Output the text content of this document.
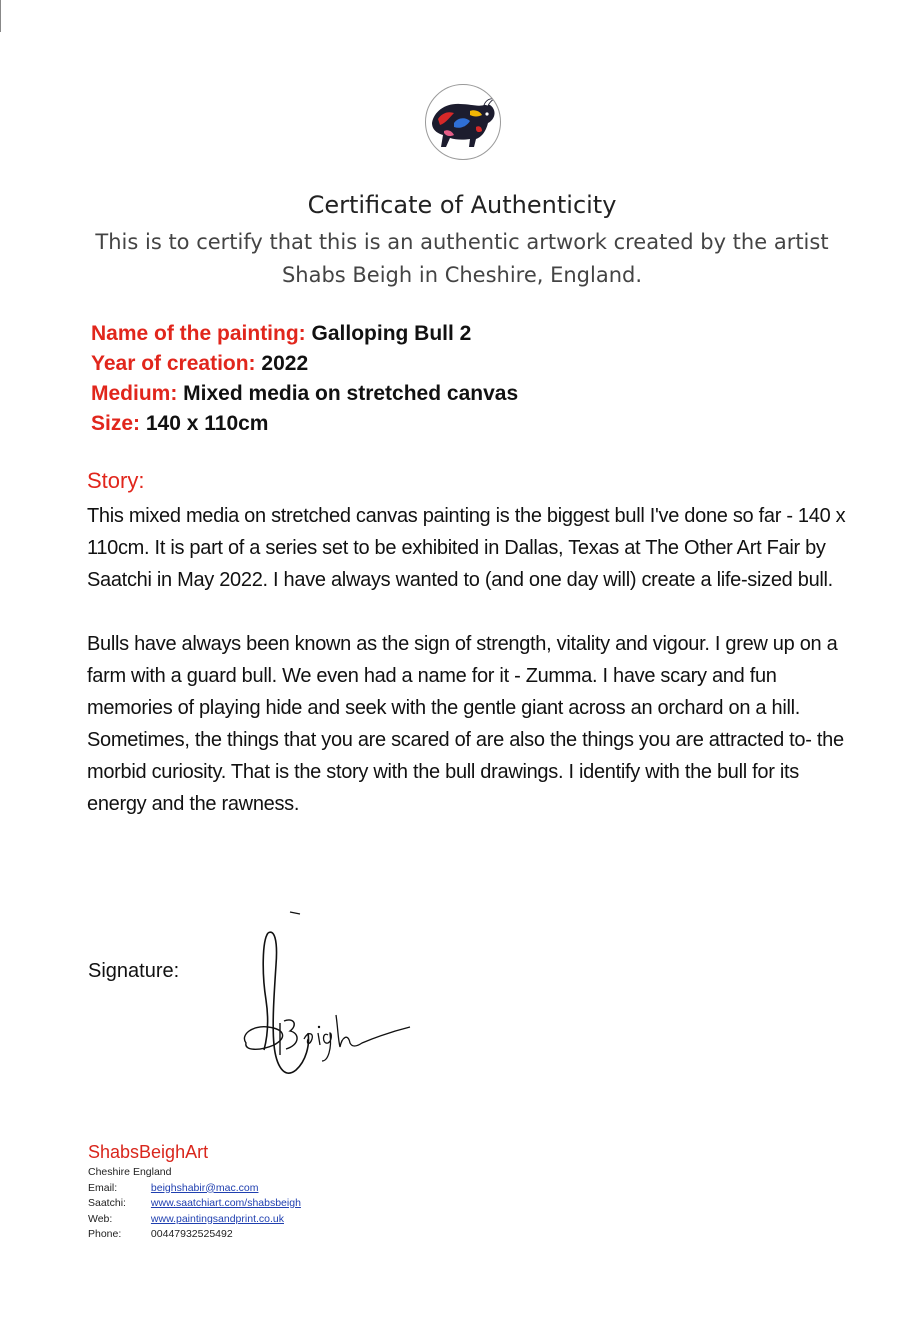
Certificate of Authenticity
This is to certify that this is an authentic artwork created by the artist
Shabs Beigh in Cheshire, England.
Name of the painting: Galloping Bull 2
Year of creation: 2022
Medium: Mixed media on stretched canvas
Size: 140 x 110cm
Story:

This mixed media on stretched canvas painting is the biggest bull I've done so far - 140 x 110cm. It is part of a series set to be exhibited in Dallas, Texas at The Other Art Fair by Saatchi in May 2022. I have always wanted to (and one day will) create a life-sized bull.

Bulls have always been known as the sign of strength, vitality and vigour. I grew up on a farm with a guard bull. We even had a name for it - Zumma. I have scary and fun memories of playing hide and seek with the gentle giant across an orchard on a hill. Sometimes, the things that you are scared of are also the things you are attracted to- the morbid curiosity. That is the story with the bull drawings. I identify with the bull for its energy and the rawness.

Signature:
Beigh
ShabsBeighArt
Cheshire England
Email:	beighshabir@mac.com
Saatchi: www.saatchiart.com/shabsbeigh
Web:	www.paintingsandprint.co.uk
Phone:	00447932525492
